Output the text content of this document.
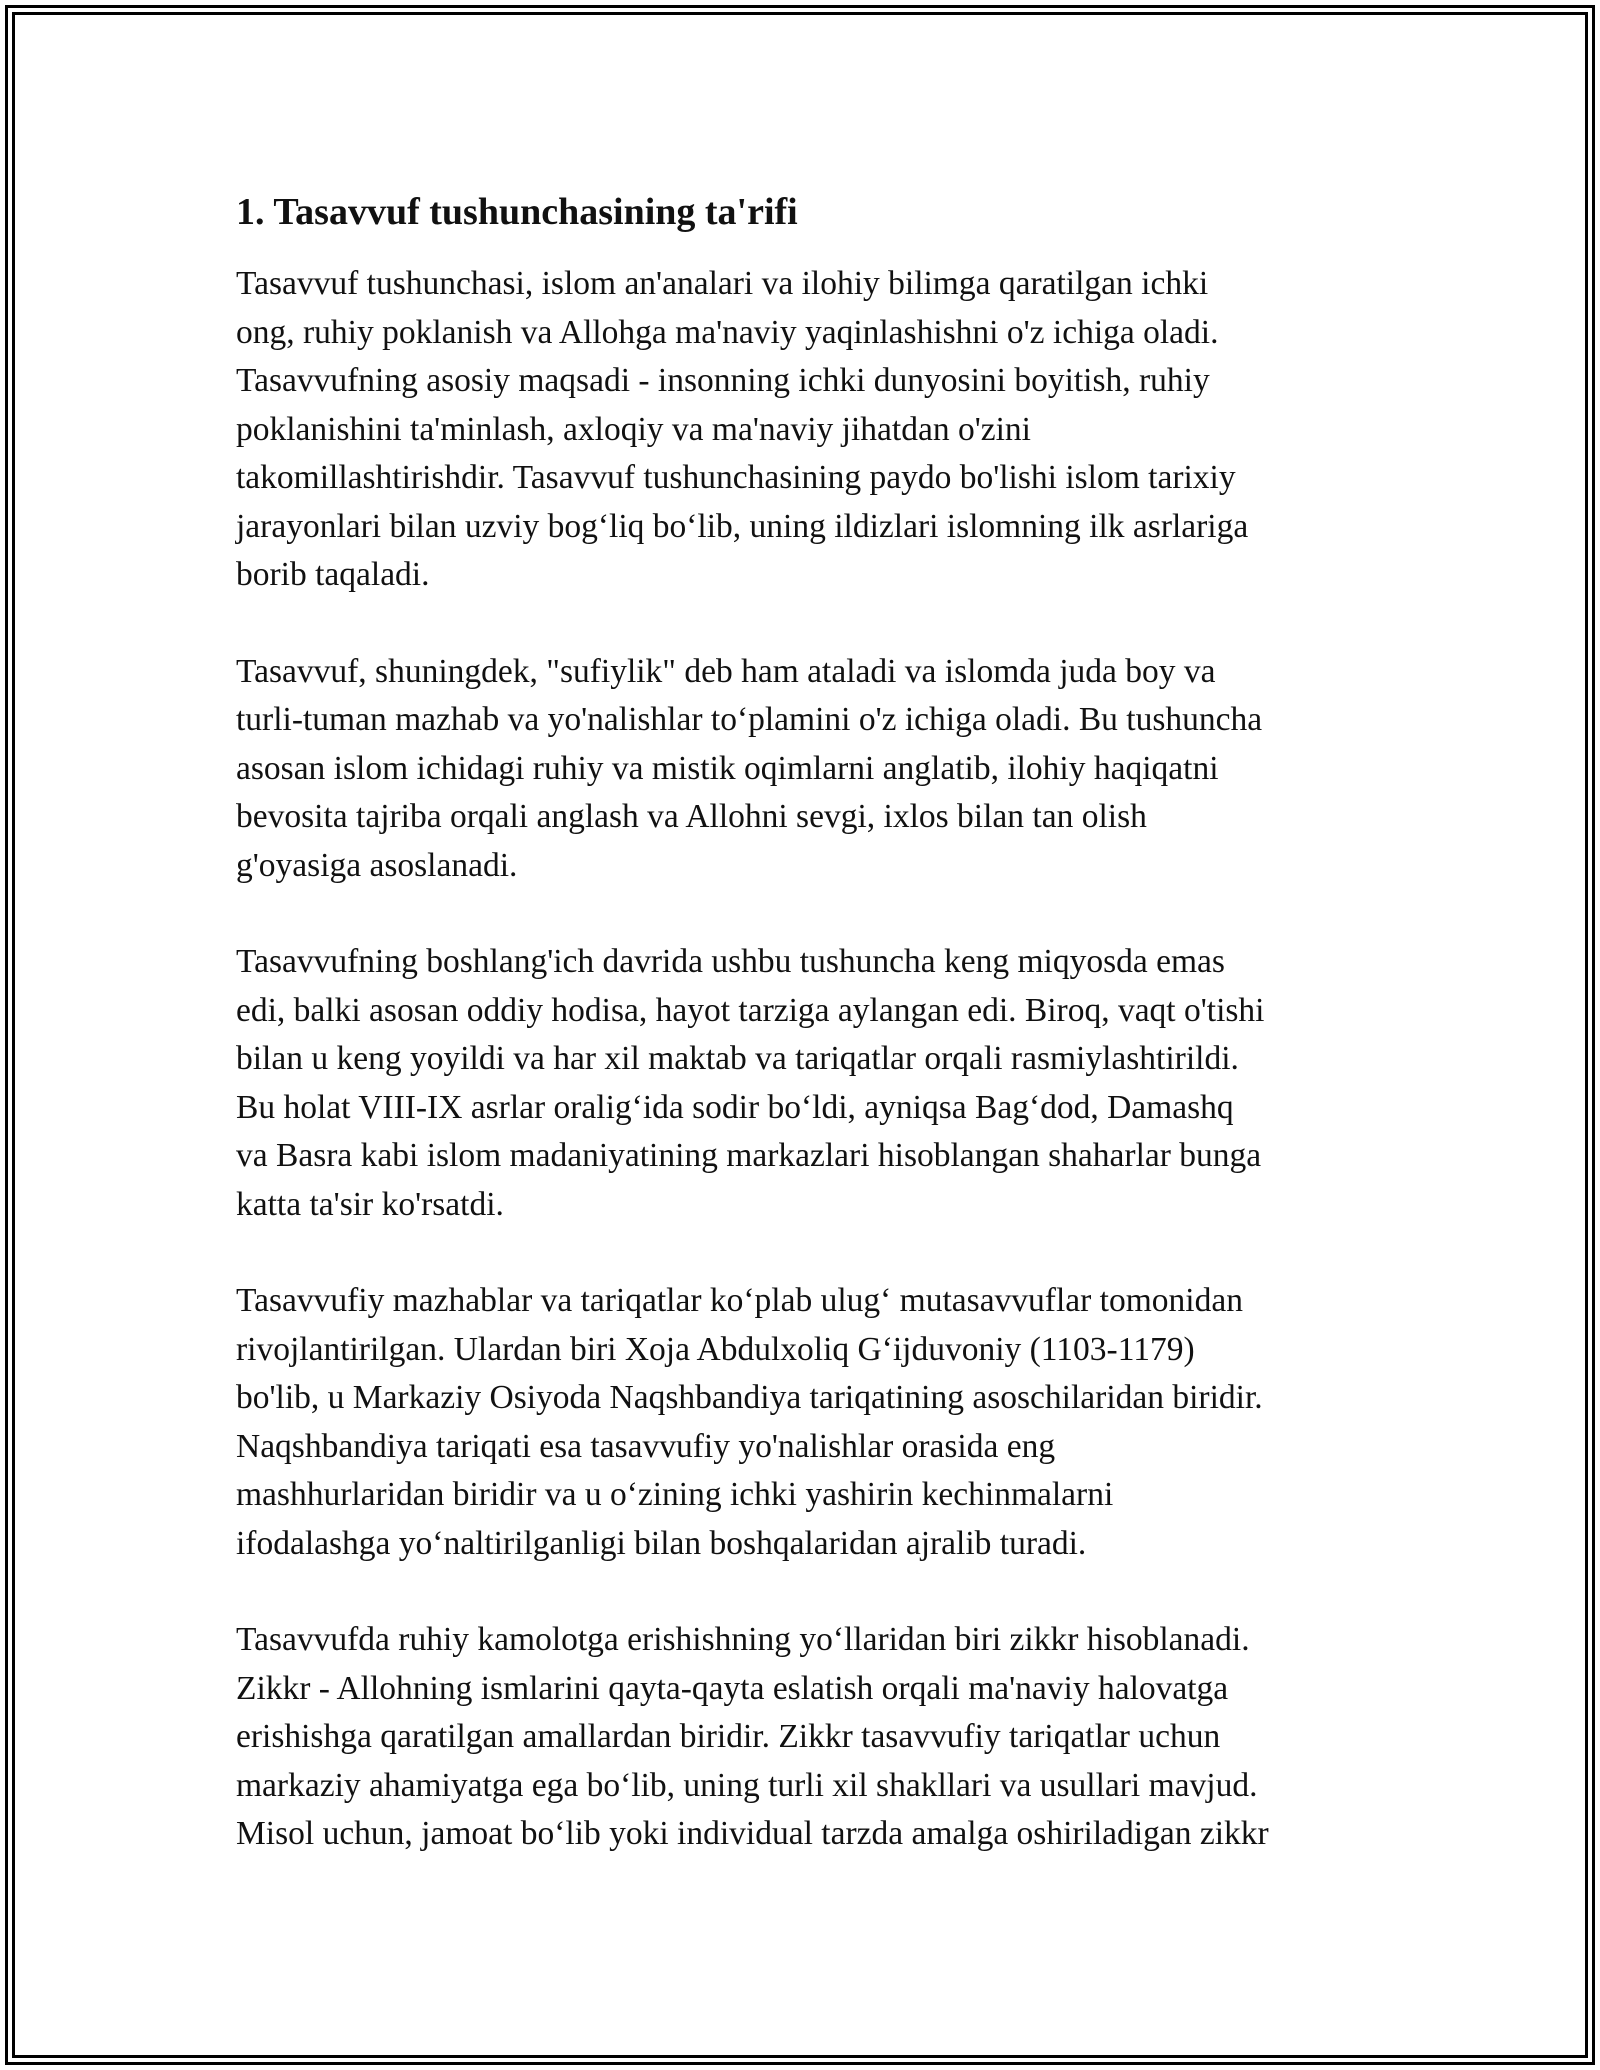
1. Tasavvuf tushunchasining ta'rifi

Tasavvuf tushunchasi, islom an'analari va ilohiy bilimga qaratilgan ichki
ong, ruhiy poklanish va Allohga ma'naviy yaqinlashishni o'z ichiga oladi.
Tasavvufning asosiy maqsadi - insonning ichki dunyosini boyitish, ruhiy
poklanishini ta'minlash, axloqiy va ma'naviy jihatdan o'zini
takomillashtirishdir. Tasavvuf tushunchasining paydo bo'lishi islom tarixiy
jarayonlari bilan uzviy bog‘liq bo‘lib, uning ildizlari islomning ilk asrlariga
borib taqaladi.

Tasavvuf, shuningdek, "sufiylik" deb ham ataladi va islomda juda boy va
turli-tuman mazhab va yo'nalishlar to‘plamini o'z ichiga oladi. Bu tushuncha
asosan islom ichidagi ruhiy va mistik oqimlarni anglatib, ilohiy haqiqatni
bevosita tajriba orqali anglash va Allohni sevgi, ixlos bilan tan olish
g'oyasiga asoslanadi.

Tasavvufning boshlang'ich davrida ushbu tushuncha keng miqyosda emas
edi, balki asosan oddiy hodisa, hayot tarziga aylangan edi. Biroq, vaqt o'tishi
bilan u keng yoyildi va har xil maktab va tariqatlar orqali rasmiylashtirildi.
Bu holat VIII-IX asrlar oralig‘ida sodir bo‘ldi, ayniqsa Bag‘dod, Damashq
va Basra kabi islom madaniyatining markazlari hisoblangan shaharlar bunga
katta ta'sir ko'rsatdi.

Tasavvufiy mazhablar va tariqatlar ko‘plab ulug‘ mutasavvuflar tomonidan
rivojlantirilgan. Ulardan biri Xoja Abdulxoliq G‘ijduvoniy (1103-1179)
bo'lib, u Markaziy Osiyoda Naqshbandiya tariqatining asoschilaridan biridir.
Naqshbandiya tariqati esa tasavvufiy yo'nalishlar orasida eng
mashhurlaridan biridir va u o‘zining ichki yashirin kechinmalarni
ifodalashga yo‘naltirilganligi bilan boshqalaridan ajralib turadi.

Tasavvufda ruhiy kamolotga erishishning yo‘llaridan biri zikkr hisoblanadi.
Zikkr - Allohning ismlarini qayta-qayta eslatish orqali ma'naviy halovatga
erishishga qaratilgan amallardan biridir. Zikkr tasavvufiy tariqatlar uchun
markaziy ahamiyatga ega bo‘lib, uning turli xil shakllari va usullari mavjud.
Misol uchun, jamoat bo‘lib yoki individual tarzda amalga oshiriladigan zikkr
